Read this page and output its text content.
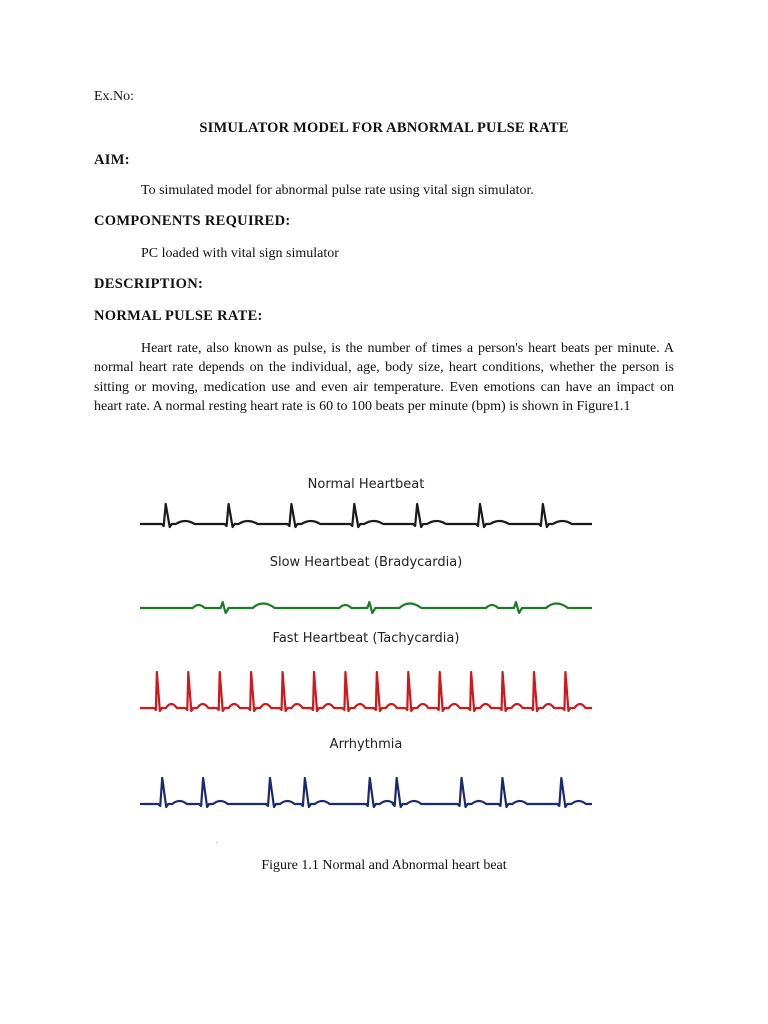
Ex.No:
SIMULATOR MODEL FOR ABNORMAL PULSE RATE
AIM:
To simulated model for abnormal pulse rate using vital sign simulator.
COMPONENTS REQUIRED:
PC loaded with vital sign simulator
DESCRIPTION:
NORMAL PULSE RATE:

Heart rate, also known as pulse, is the number of times a person's heart beats per minute. A normal heart rate depends on the individual, age, body size, heart conditions, whether the person is sitting or moving, medication use and even air temperature. Even emotions can have an impact on heart rate. A normal resting heart rate is 60 to 100 beats per minute (bpm) is shown in Figure1.1

Normal Heartbeat
Slow Heartbeat (Bradycardia)
Fast Heartbeat (Tachycardia)
Arrhythmia
.
Figure 1.1 Normal and Abnormal heart beat
